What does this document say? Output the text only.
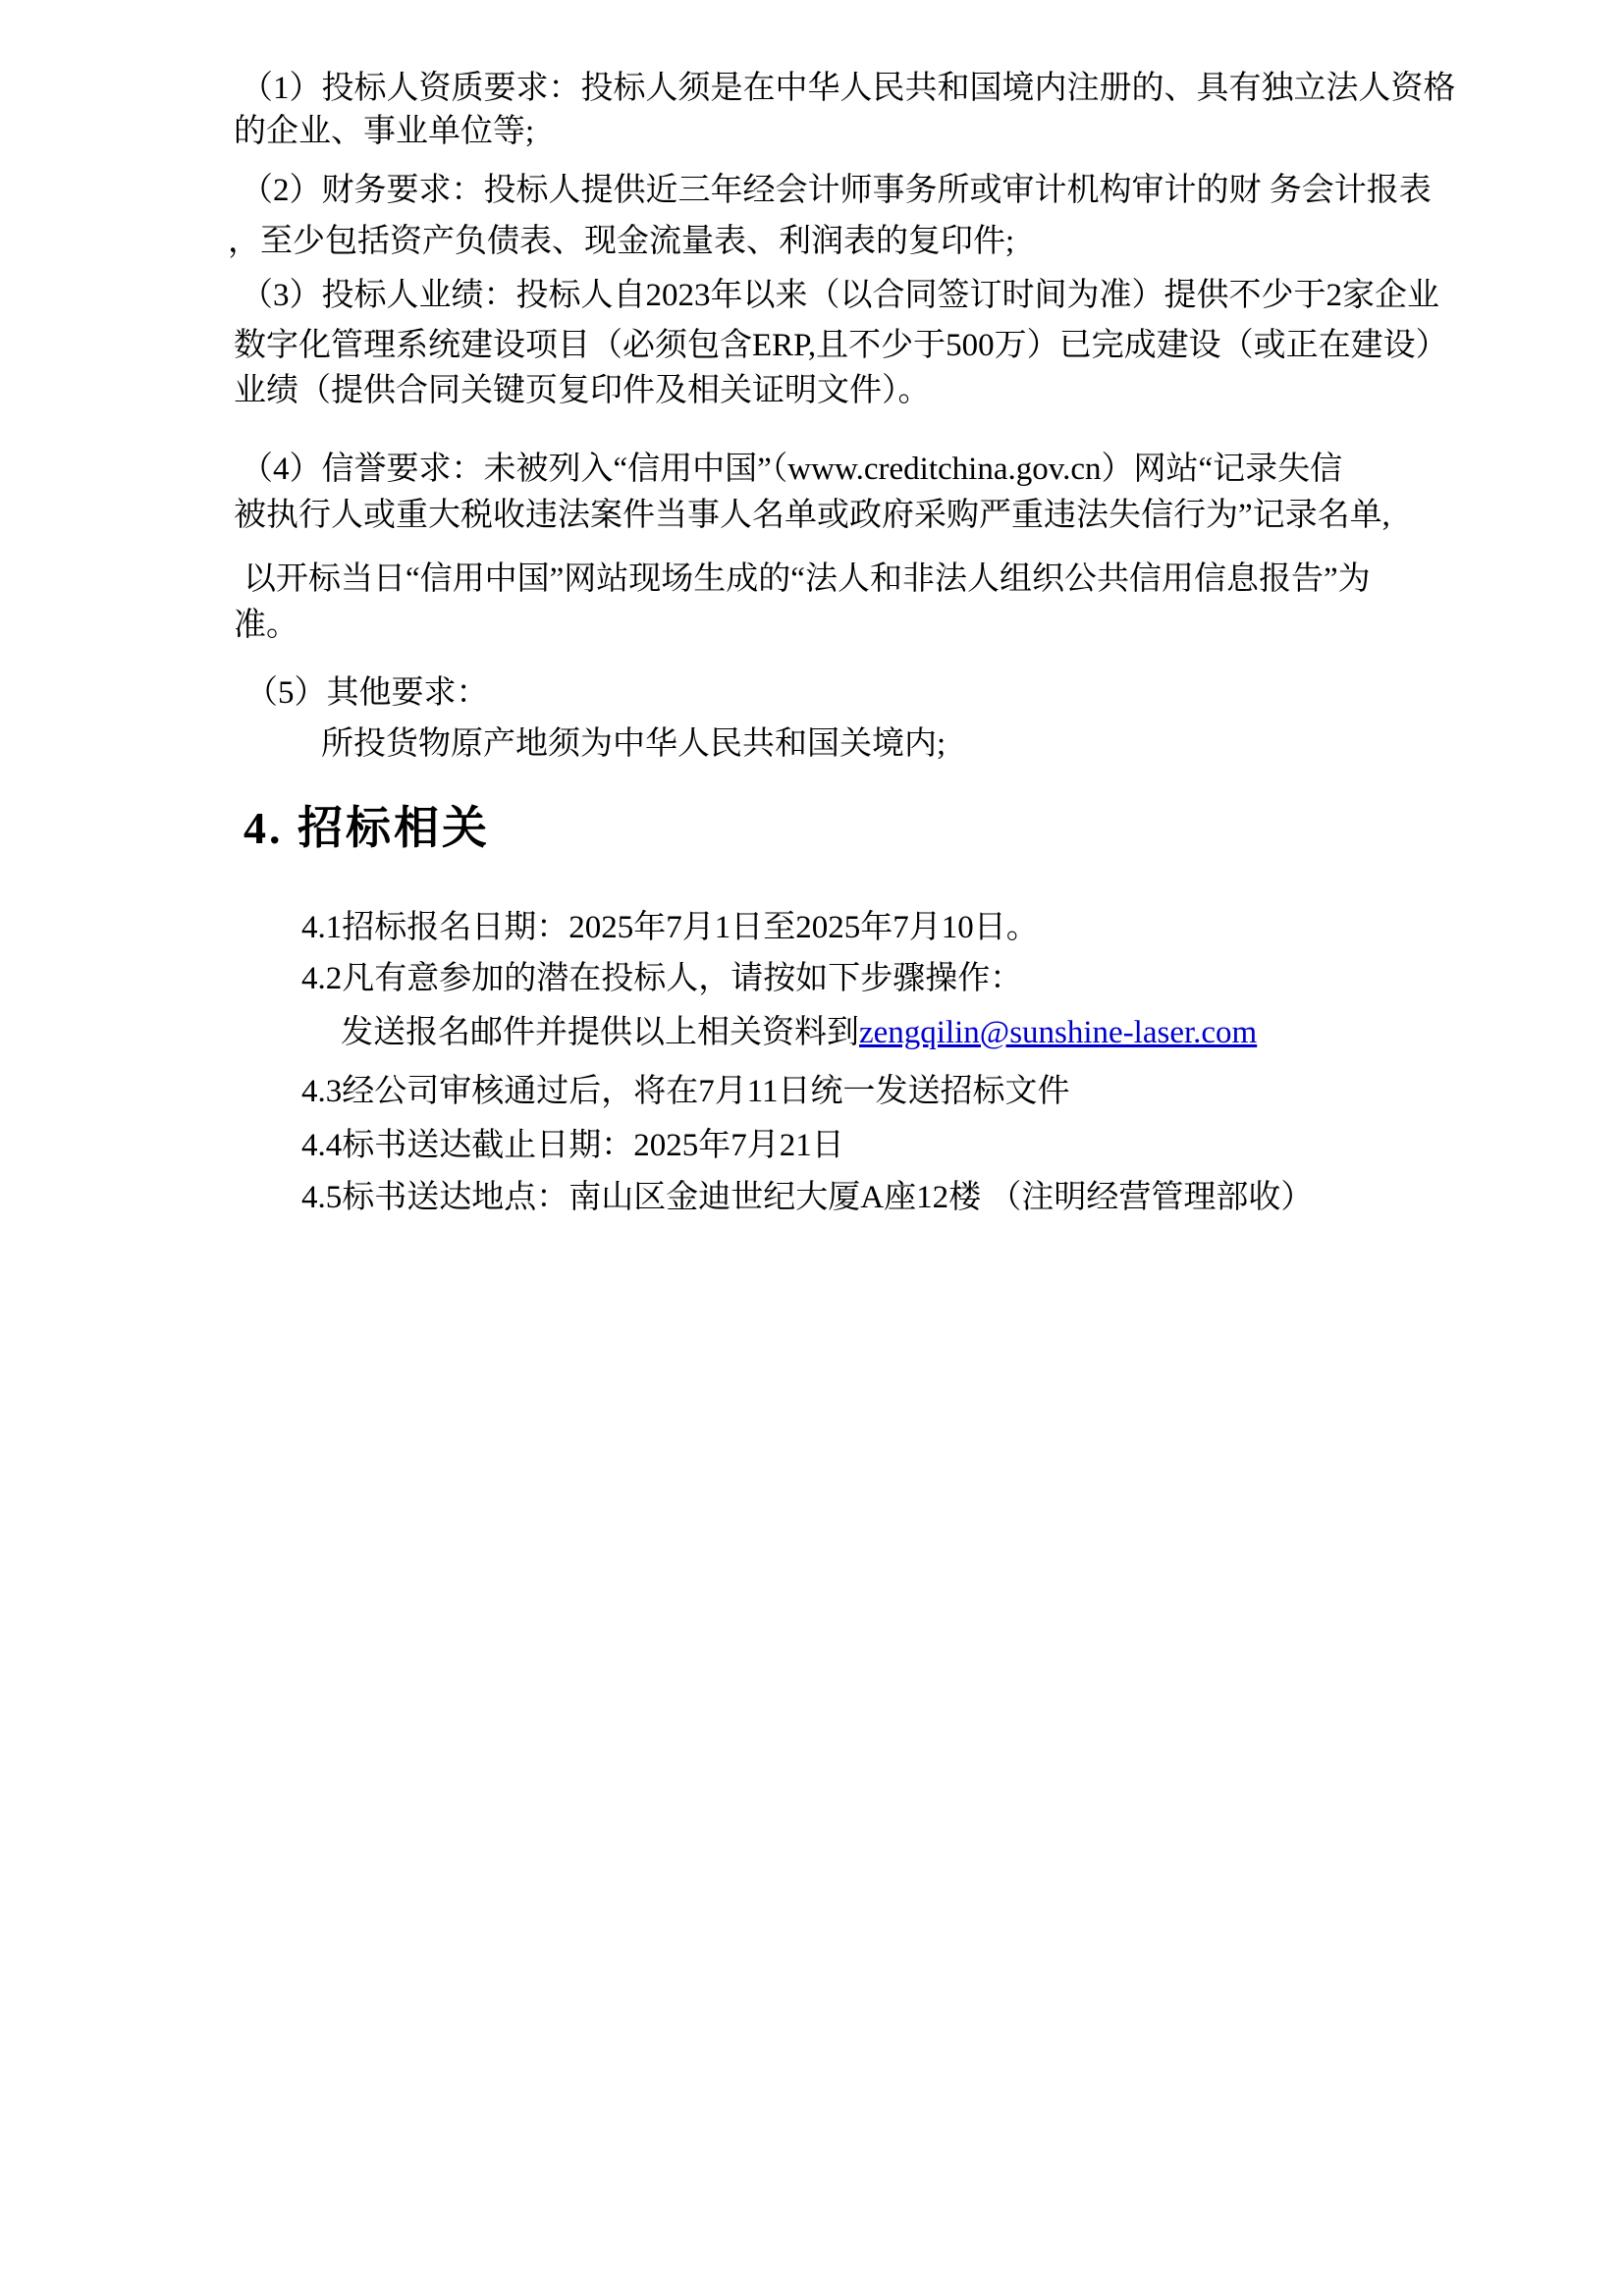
（1）投标人资质要求：投标人须是在中华人民共和国境内注册的、具有独立法人资格
的企业、事业单位等;
（2）财务要求：投标人提供近三年经会计师事务所或审计机构审计的财 务会计报表
，至少包括资产负债表、现金流量表、利润表的复印件;
（3）投标人业绩：投标人自2023年以来（以合同签订时间为准）提供不少于2家企业
数字化管理系统建设项目（必须包含ERP,且不少于500万）已完成建设（或正在建设）
业绩（提供合同关键页复印件及相关证明文件）。
（4）信誉要求：未被列入“信用中国”（www.creditchina.gov.cn）网站“记录失信
被执行人或重大税收违法案件当事人名单或政府采购严重违法失信行为”记录名单,
以开标当日“信用中国”网站现场生成的“法人和非法人组织公共信用信息报告”为
准。
（5）其他要求：
所投货物原产地须为中华人民共和国关境内;
4. 招标相关
4.1招标报名日期：2025年7月1日至2025年7月10日。
4.2凡有意参加的潜在投标人，请按如下步骤操作：
发送报名邮件并提供以上相关资料到zengqilin@sunshine-laser.com
4.3经公司审核通过后，将在7月11日统一发送招标文件
4.4标书送达截止日期：2025年7月21日
4.5标书送达地点：南山区金迪世纪大厦A座12楼 （注明经营管理部收）
